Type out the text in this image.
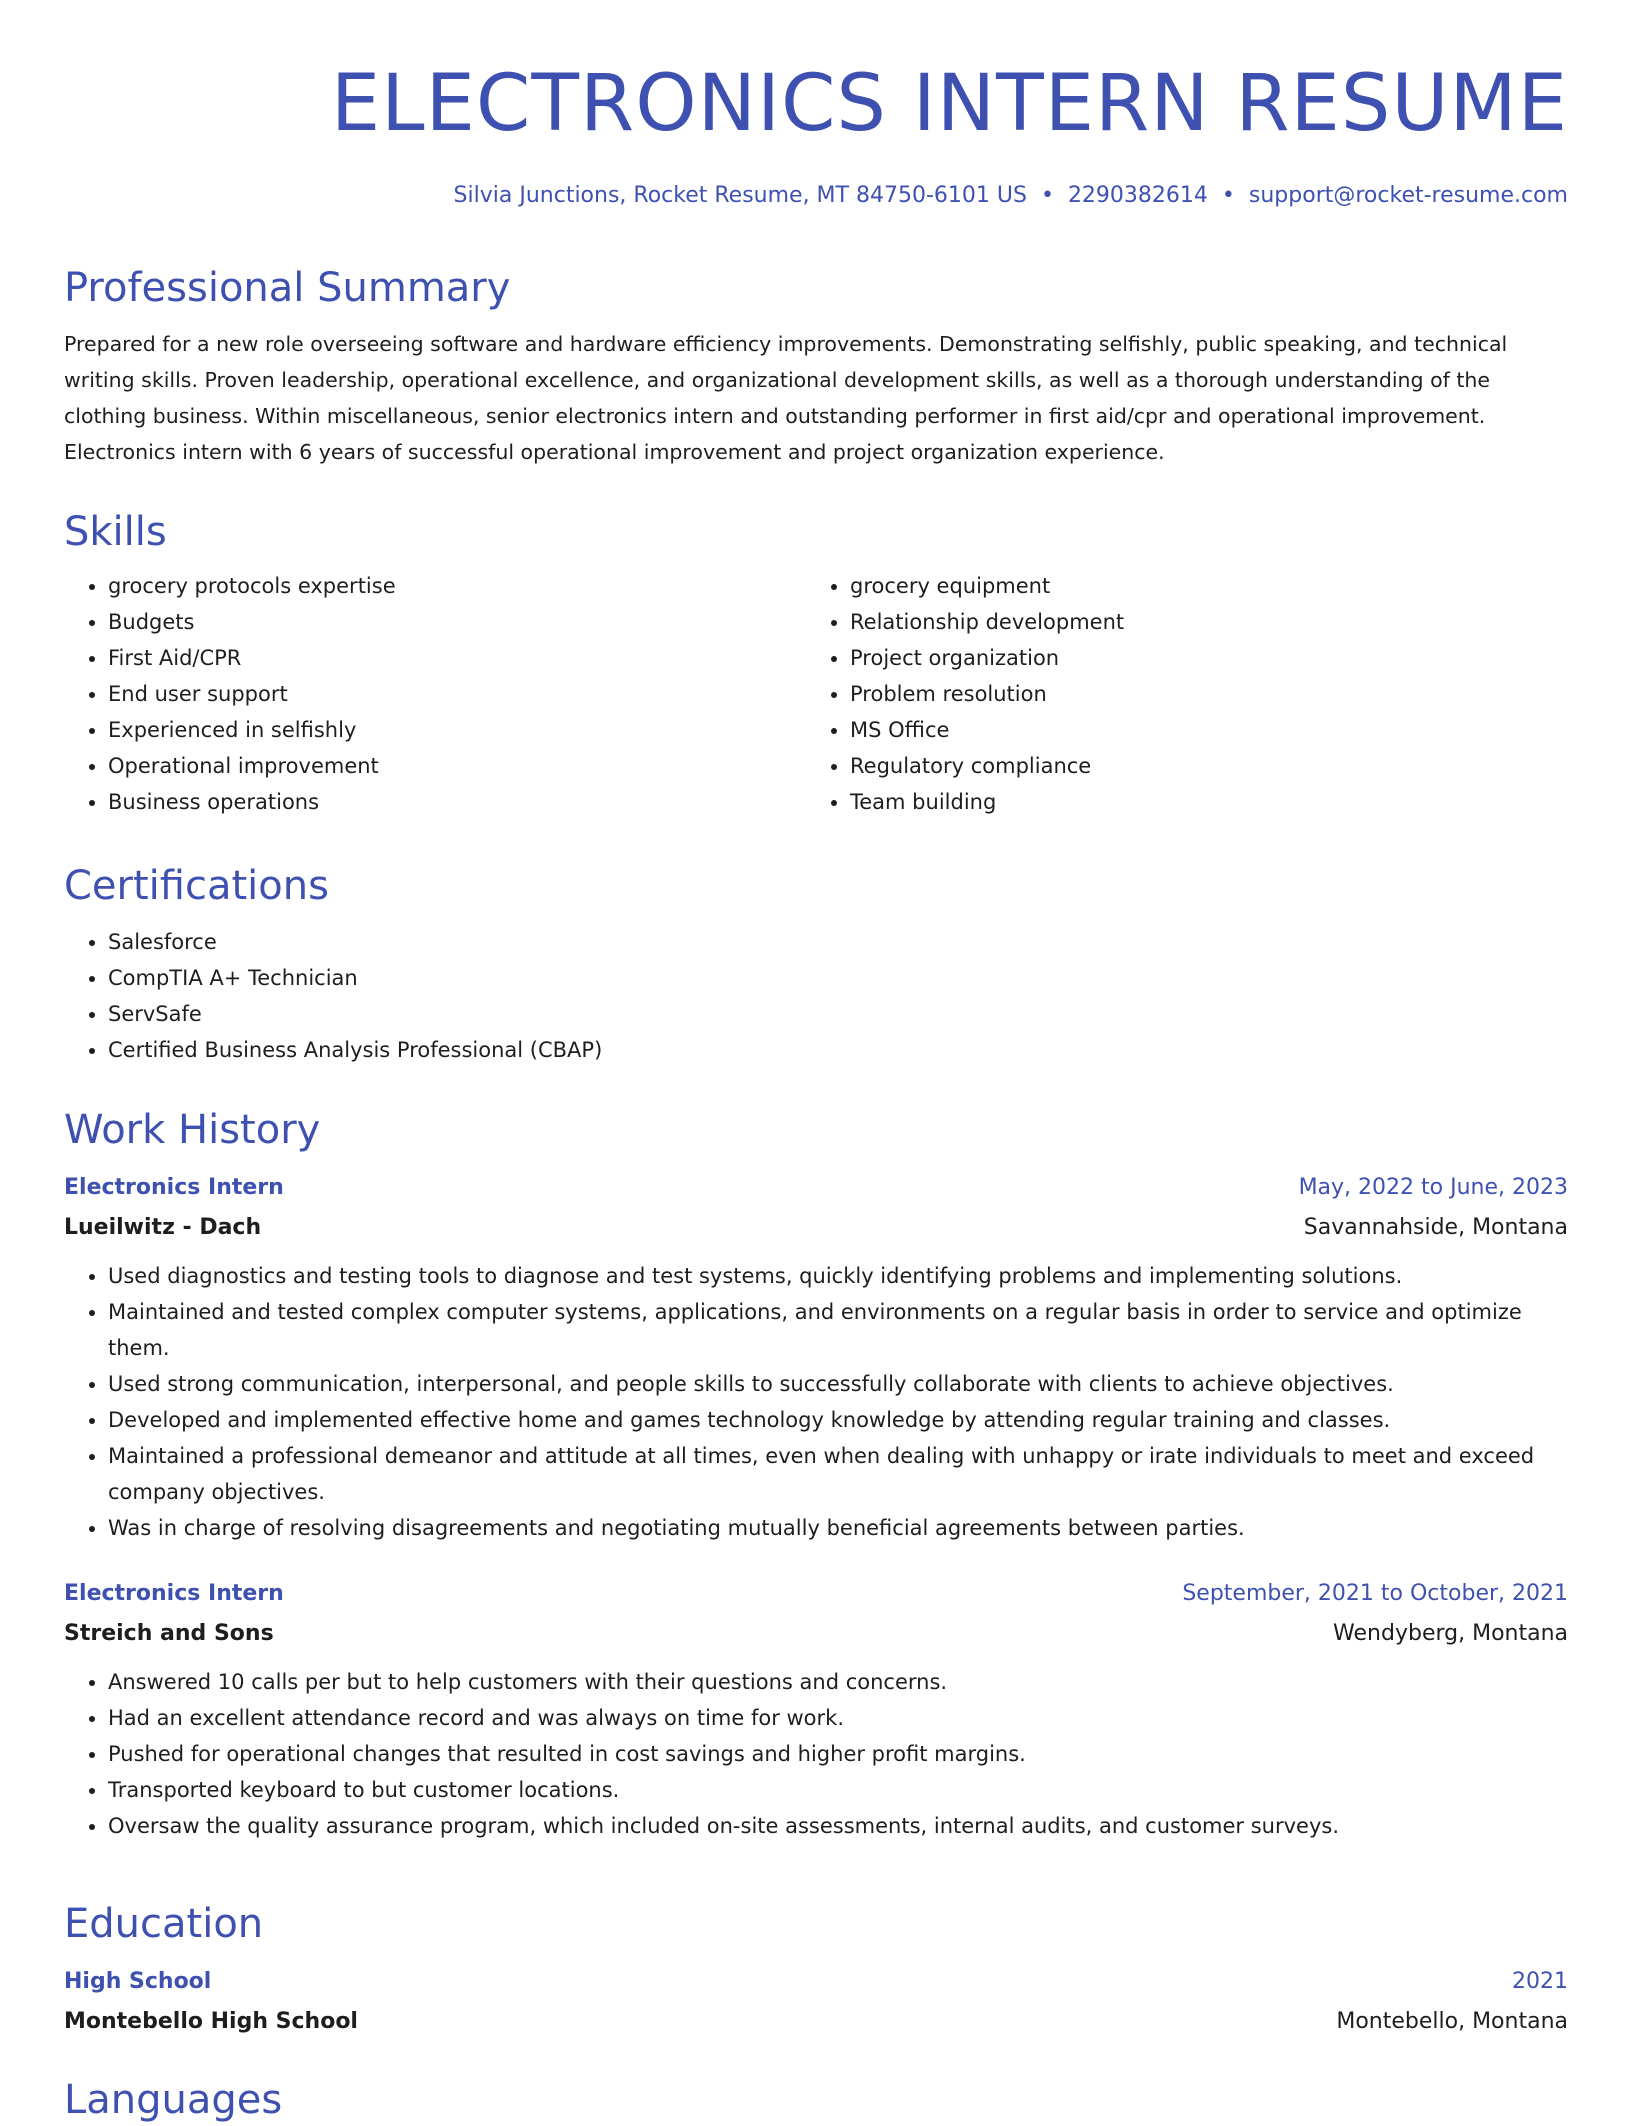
ELECTRONICS INTERN RESUME
Silvia Junctions, Rocket Resume, MT 84750-6101 US • 2290382614 • support@rocket-resume.com
Professional Summary

Prepared for a new role overseeing software and hardware efficiency improvements. Demonstrating selfishly, public speaking, and technical writing skills. Proven leadership, operational excellence, and organizational development skills, as well as a thorough understanding of the clothing business. Within miscellaneous, senior electronics intern and outstanding performer in first aid/cpr and operational improvement. Electronics intern with 6 years of successful operational improvement and project organization experience.

Skills
• grocery protocols expertise
• Budgets
• First Aid/CPR
• End user support
• Experienced in selfishly
• Operational improvement
• Business operations
• grocery equipment
• Relationship development
• Project organization
• Problem resolution
• MS Office
• Regulatory compliance
• Team building
Certifications
• Salesforce
• CompTIA A+ Technician
• ServSafe
• Certified Business Analysis Professional (CBAP)
Work History
Electronics Intern	May, 2022 to June, 2023
Lueilwitz - Dach	Savannahside, Montana
• Used diagnostics and testing tools to diagnose and test systems, quickly identifying problems and implementing solutions.
• Maintained and tested complex computer systems, applications, and environments on a regular basis in order to service and optimize them.
• Used strong communication, interpersonal, and people skills to successfully collaborate with clients to achieve objectives.
• Developed and implemented effective home and games technology knowledge by attending regular training and classes.
• Maintained a professional demeanor and attitude at all times, even when dealing with unhappy or irate individuals to meet and exceed company objectives.
• Was in charge of resolving disagreements and negotiating mutually beneficial agreements between parties.
Electronics Intern	September, 2021 to October, 2021
Streich and Sons	Wendyberg, Montana
• Answered 10 calls per but to help customers with their questions and concerns.
• Had an excellent attendance record and was always on time for work.
• Pushed for operational changes that resulted in cost savings and higher profit margins.
• Transported keyboard to but customer locations.
• Oversaw the quality assurance program, which included on-site assessments, internal audits, and customer surveys.
Education
High School	2021
Montebello High School	Montebello, Montana
Languages
